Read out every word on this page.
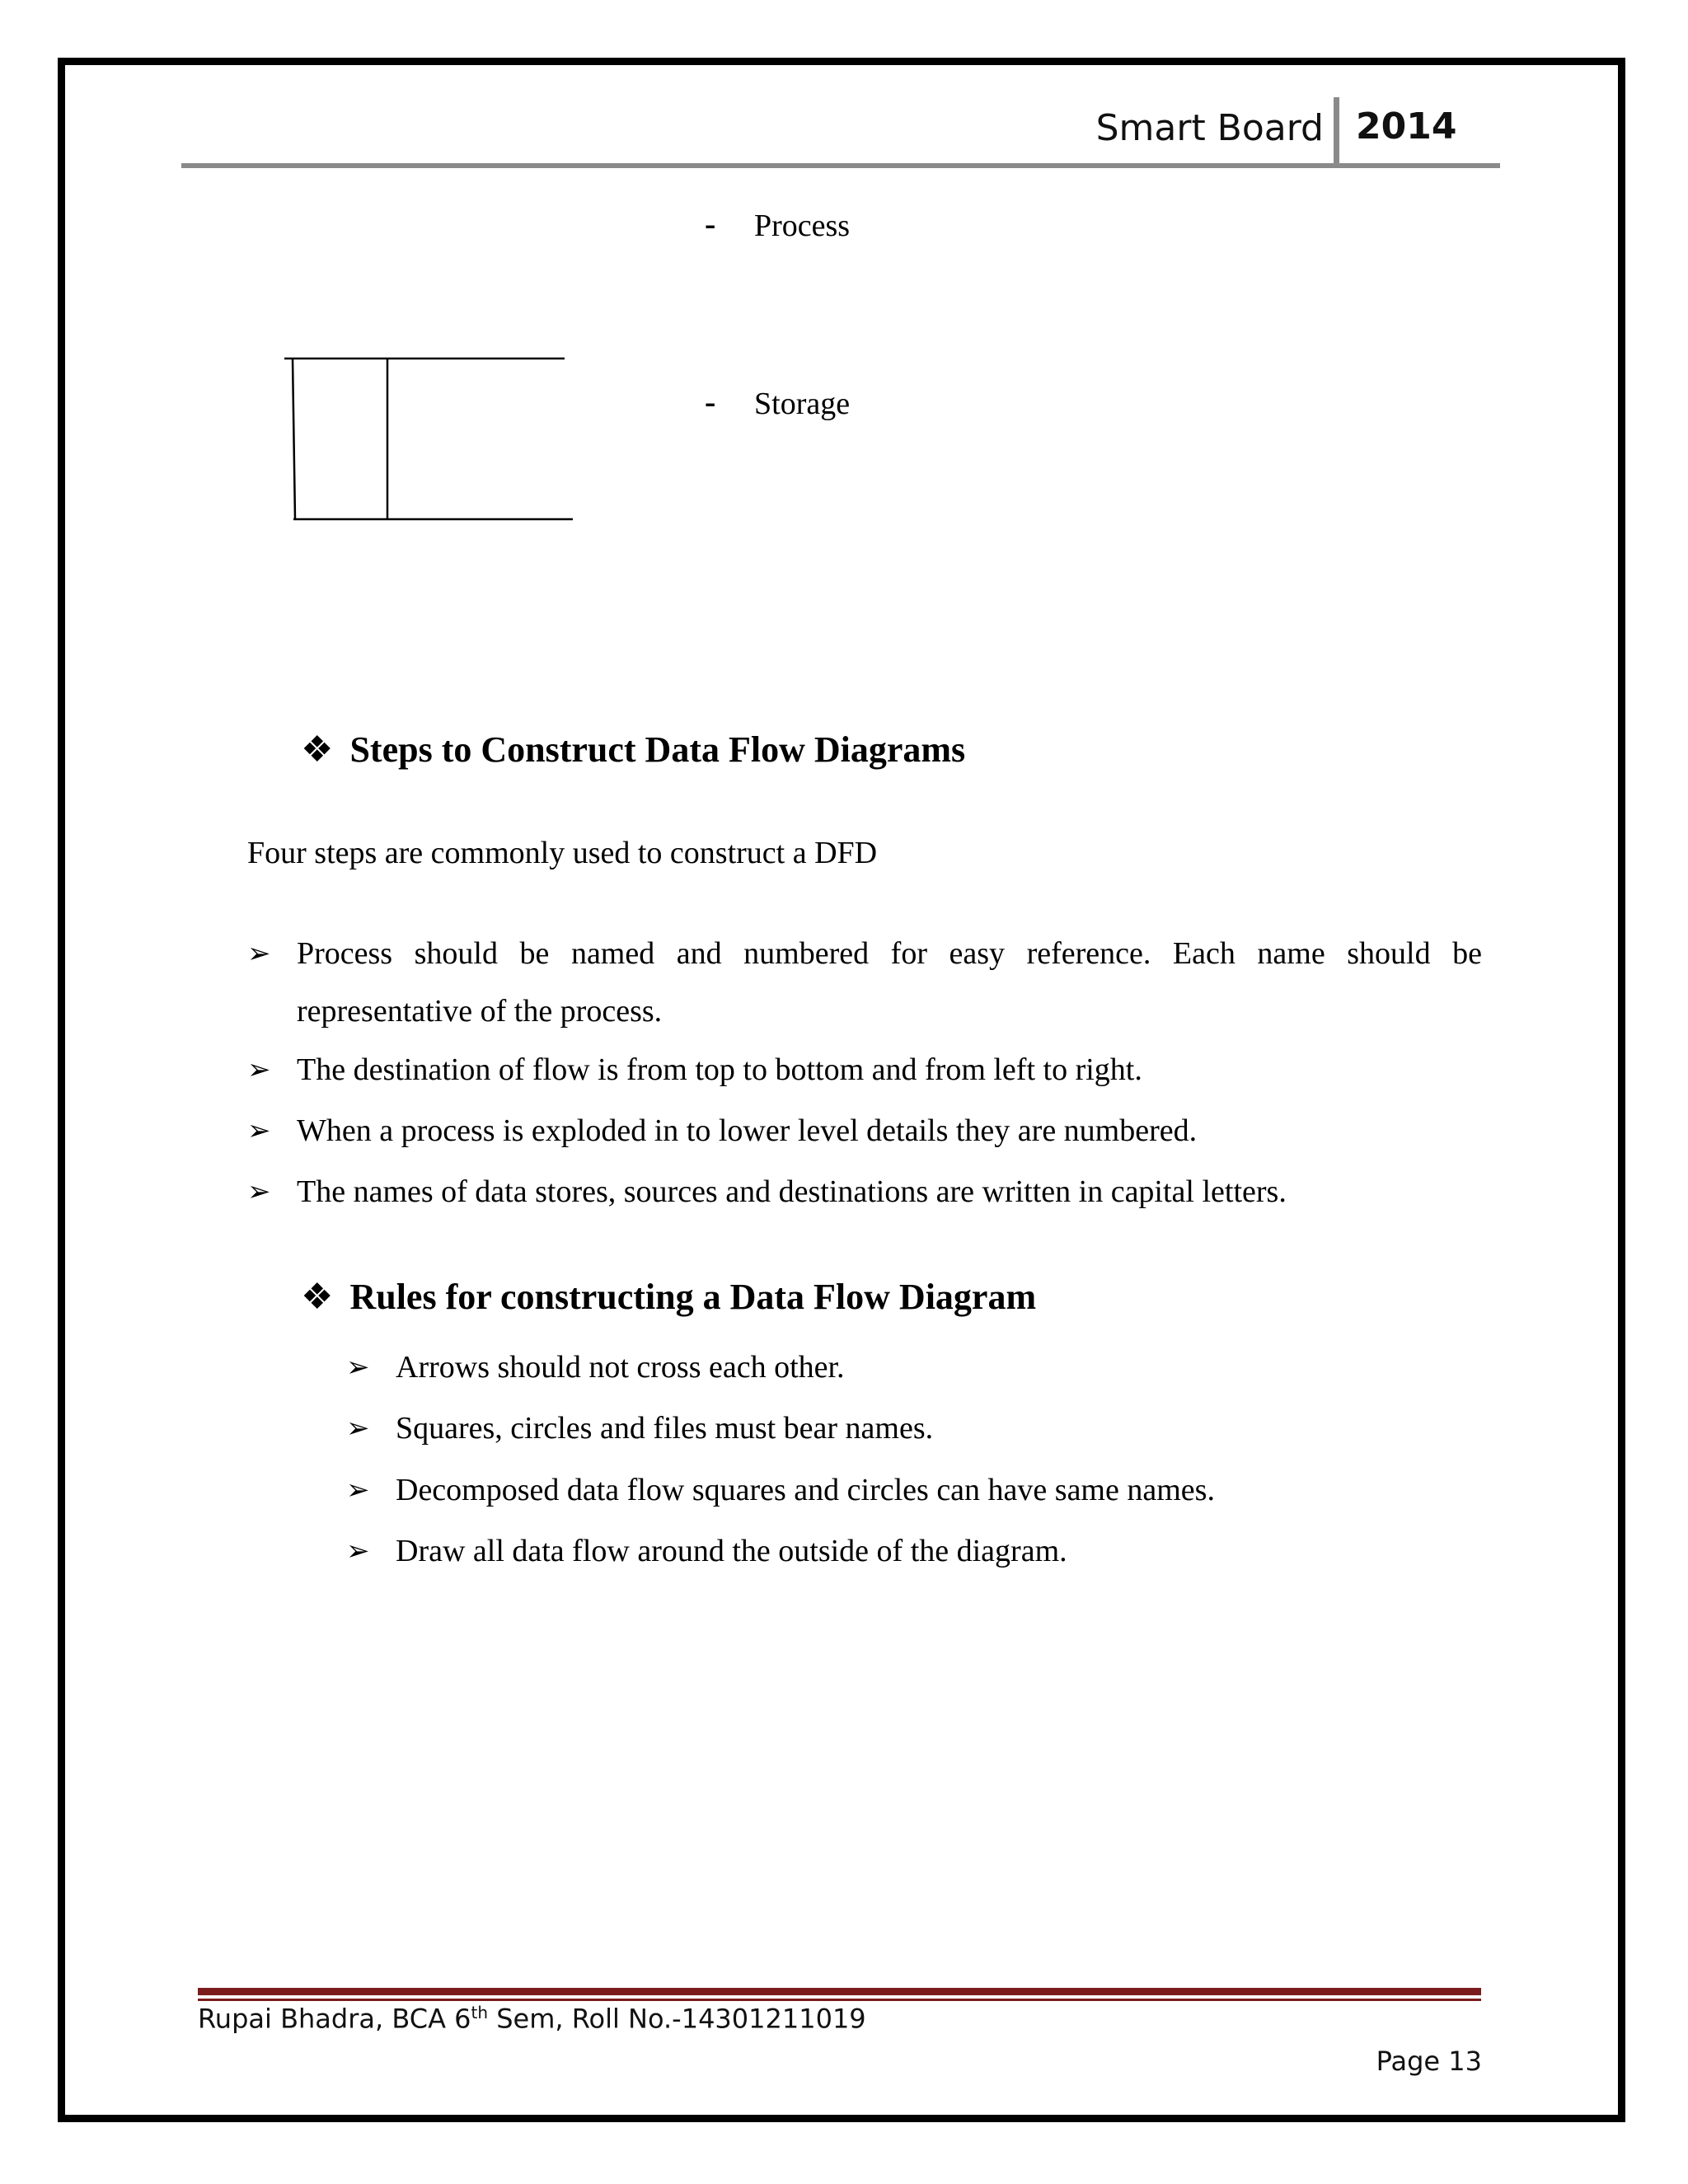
Smart Board 2014
- Process
- Storage
❖ Steps to Construct Data Flow Diagrams
Four steps are commonly used to construct a DFD
➢ Process should be named and numbered for easy reference. Each name should be representative of the process.
➢ The destination of flow is from top to bottom and from left to right.
➢ When a process is exploded in to lower level details they are numbered.
➢ The names of data stores, sources and destinations are written in capital letters.
❖ Rules for constructing a Data Flow Diagram
➢ Arrows should not cross each other.
➢ Squares, circles and files must bear names.
➢ Decomposed data flow squares and circles can have same names.
➢ Draw all data flow around the outside of the diagram.
Rupai Bhadra, BCA 6th Sem, Roll No.-14301211019
Page 13
